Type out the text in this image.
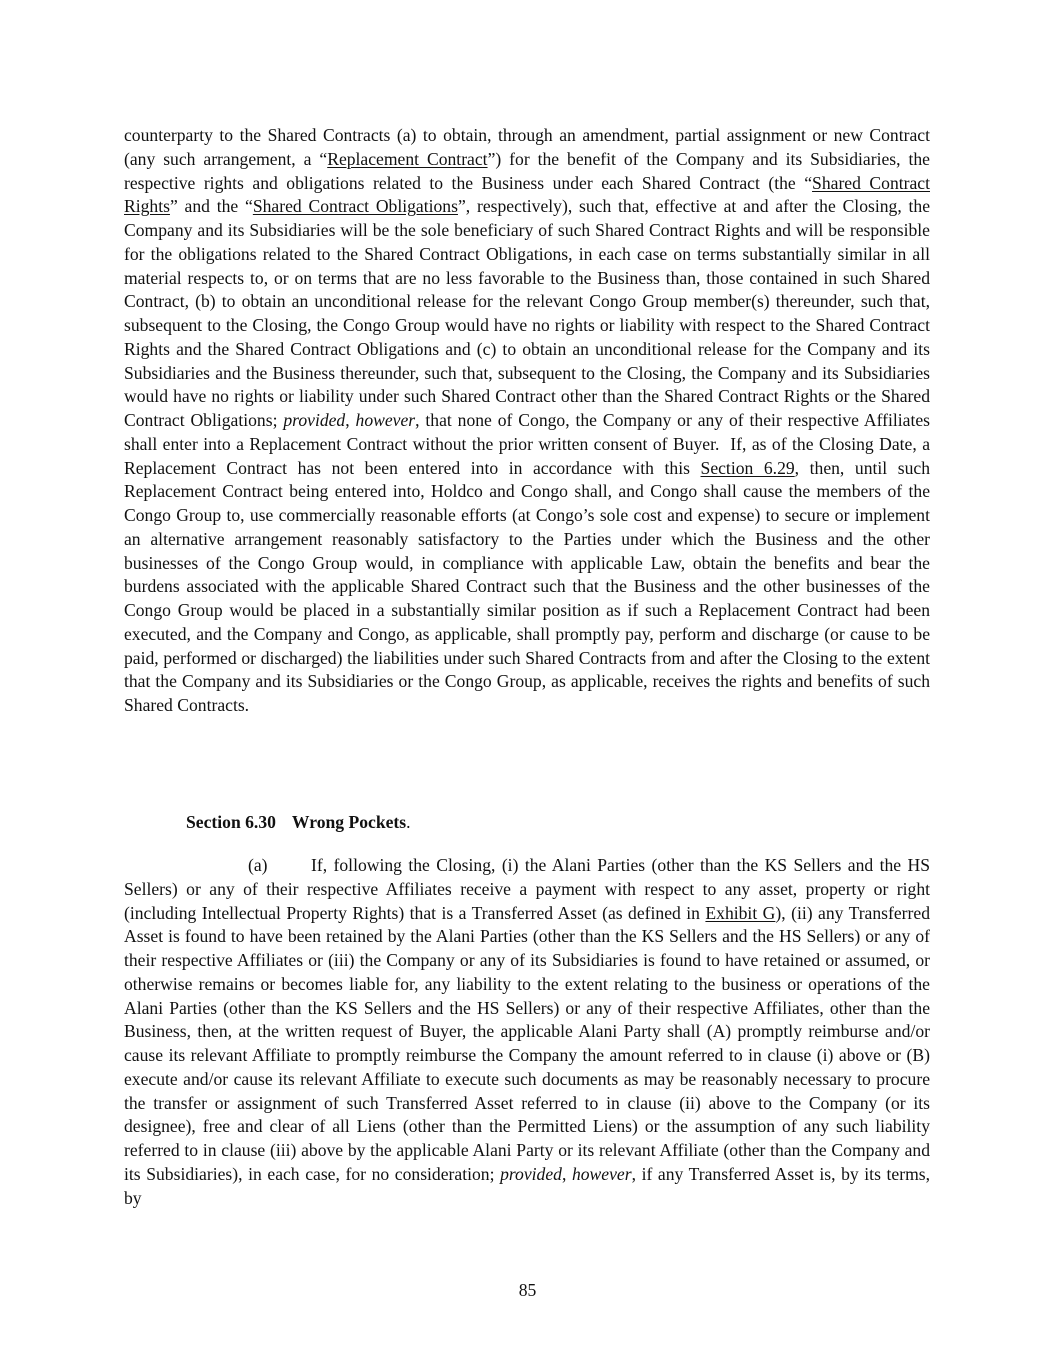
counterparty to the Shared Contracts (a) to obtain, through an amendment, partial assignment or new Contract (any such arrangement, a “Replacement Contract”) for the benefit of the Company and its Subsidiaries, the respective rights and obligations related to the Business under each Shared Contract (the “Shared Contract Rights” and the “Shared Contract Obligations”, respectively), such that, effective at and after the Closing, the Company and its Subsidiaries will be the sole beneficiary of such Shared Contract Rights and will be responsible for the obligations related to the Shared Contract Obligations, in each case on terms substantially similar in all material respects to, or on terms that are no less favorable to the Business than, those contained in such Shared Contract, (b) to obtain an unconditional release for the relevant Congo Group member(s) thereunder, such that, subsequent to the Closing, the Congo Group would have no rights or liability with respect to the Shared Contract Rights and the Shared Contract Obligations and (c) to obtain an unconditional release for the Company and its Subsidiaries and the Business thereunder, such that, subsequent to the Closing, the Company and its Subsidiaries would have no rights or liability under such Shared Contract other than the Shared Contract Rights or the Shared Contract Obligations; provided, however, that none of Congo, the Company or any of their respective Affiliates shall enter into a Replacement Contract without the prior written consent of Buyer.  If, as of the Closing Date, a Replacement Contract has not been entered into in accordance with this Section 6.29, then, until such Replacement Contract being entered into, Holdco and Congo shall, and Congo shall cause the members of the Congo Group to, use commercially reasonable efforts (at Congo’s sole cost and expense) to secure or implement an alternative arrangement reasonably satisfactory to the Parties under which the Business and the other businesses of the Congo Group would, in compliance with applicable Law, obtain the benefits and bear the burdens associated with the applicable Shared Contract such that the Business and the other businesses of the Congo Group would be placed in a substantially similar position as if such a Replacement Contract had been executed, and the Company and Congo, as applicable, shall promptly pay, perform and discharge (or cause to be paid, performed or discharged) the liabilities under such Shared Contracts from and after the Closing to the extent that the Company and its Subsidiaries or the Congo Group, as applicable, receives the rights and benefits of such Shared Contracts.

Section 6.30 Wrong Pockets.

(a) If, following the Closing, (i) the Alani Parties (other than the KS Sellers and the HS Sellers) or any of their respective Affiliates receive a payment with respect to any asset, property or right (including Intellectual Property Rights) that is a Transferred Asset (as defined in Exhibit G), (ii) any Transferred Asset is found to have been retained by the Alani Parties (other than the KS Sellers and the HS Sellers) or any of their respective Affiliates or (iii) the Company or any of its Subsidiaries is found to have retained or assumed, or otherwise remains or becomes liable for, any liability to the extent relating to the business or operations of the Alani Parties (other than the KS Sellers and the HS Sellers) or any of their respective Affiliates, other than the Business, then, at the written request of Buyer, the applicable Alani Party shall (A) promptly reimburse and/or cause its relevant Affiliate to promptly reimburse the Company the amount referred to in clause (i) above or (B) execute and/or cause its relevant Affiliate to execute such documents as may be reasonably necessary to procure the transfer or assignment of such Transferred Asset referred to in clause (ii) above to the Company (or its designee), free and clear of all Liens (other than the Permitted Liens) or the assumption of any such liability referred to in clause (iii) above by the applicable Alani Party or its relevant Affiliate (other than the Company and its Subsidiaries), in each case, for no consideration; provided, however, if any Transferred Asset is, by its terms, by

85
